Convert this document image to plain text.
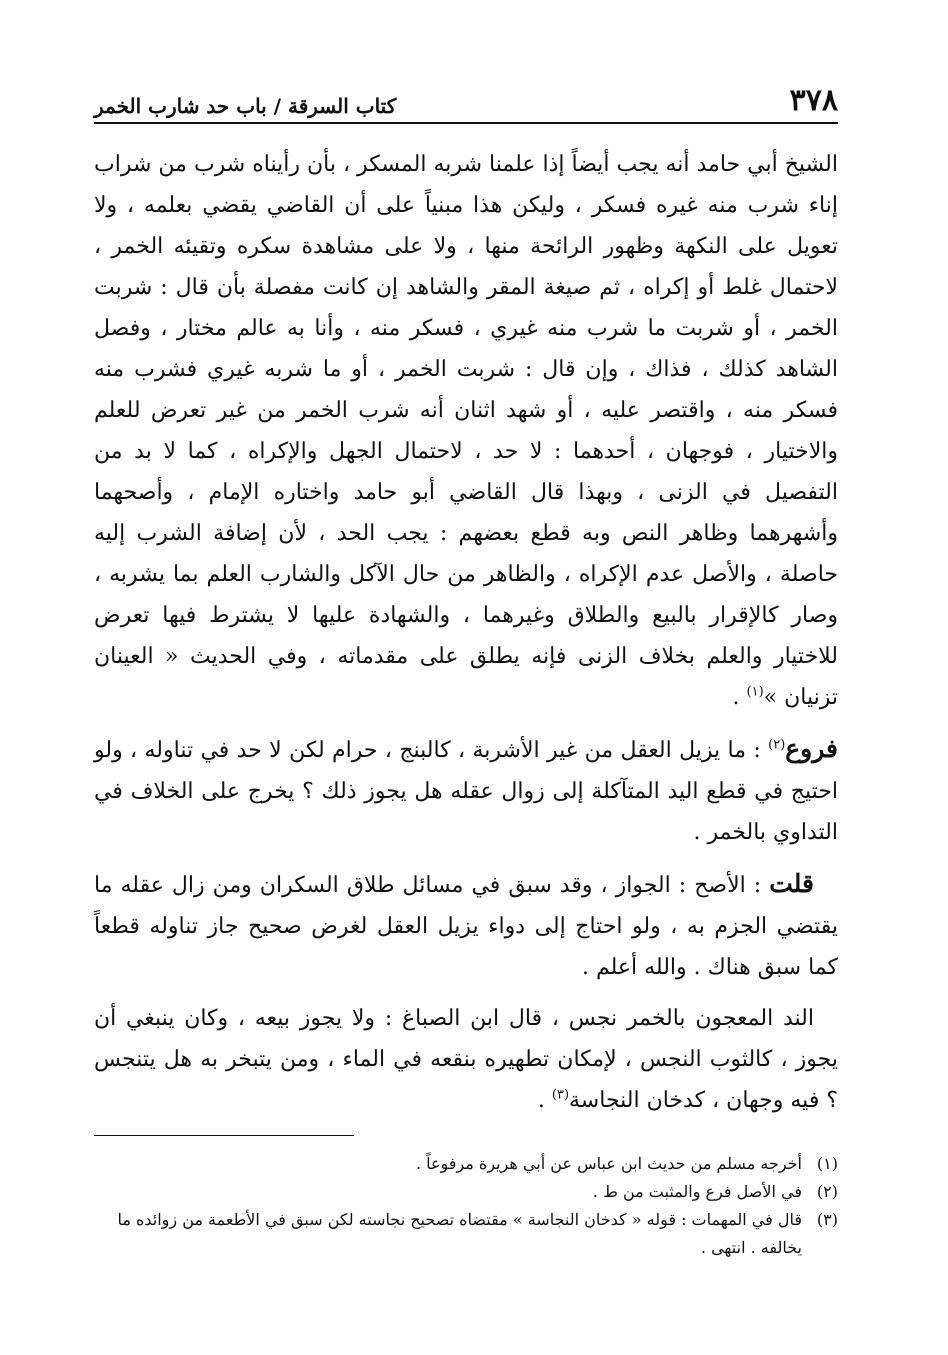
٣٧٨
كتاب السرقة / باب حد شارب الخمر

الشيخ أبي حامد أنه يجب أيضاً إذا علمنا شربه المسكر ، بأن رأيناه شرب من شراب إناء شرب منه غيره فسكر ، وليكن هذا مبنياً على أن القاضي يقضي بعلمه ، ولا تعويل على النكهة وظهور الرائحة منها ، ولا على مشاهدة سكره وتقيئه الخمر ، لاحتمال غلط أو إكراه ، ثم صيغة المقر والشاهد إن كانت مفصلة بأن قال : شربت الخمر ، أو شربت ما شرب منه غيري ، فسكر منه ، وأنا به عالم مختار ، وفصل الشاهد كذلك ، فذاك ، وإن قال : شربت الخمر ، أو ما شربه غيري فشرب منه فسكر منه ، واقتصر عليه ، أو شهد اثنان أنه شرب الخمر من غير تعرض للعلم والاختيار ، فوجهان ، أحدهما : لا حد ، لاحتمال الجهل والإكراه ، كما لا بد من التفصيل في الزنى ، وبهذا قال القاضي أبو حامد واختاره الإمام ، وأصحهما وأشهرهما وظاهر النص وبه قطع بعضهم : يجب الحد ، لأن إضافة الشرب إليه حاصلة ، والأصل عدم الإكراه ، والظاهر من حال الآكل والشارب العلم بما يشربه ، وصار كالإقرار بالبيع والطلاق وغيرهما ، والشهادة عليها لا يشترط فيها تعرض للاختيار والعلم بخلاف الزنى فإنه يطلق على مقدماته ، وفي الحديث « العينان تزنيان »$^{(١)}$ .

فروع$^{(٢)}$ : ما يزيل العقل من غير الأشربة ، كالبنج ، حرام لكن لا حد في تناوله ، ولو احتيج في قطع اليد المتآكلة إلى زوال عقله هل يجوز ذلك ؟ يخرج على الخلاف في التداوي بالخمر .

قلت : الأصح : الجواز ، وقد سبق في مسائل طلاق السكران ومن زال عقله ما يقتضي الجزم به ، ولو احتاج إلى دواء يزيل العقل لغرض صحيح جاز تناوله قطعاً كما سبق هناك . والله أعلم .

الند المعجون بالخمر نجس ، قال ابن الصباغ : ولا يجوز بيعه ، وكان ينبغي أن يجوز ، كالثوب النجس ، لإمكان تطهيره بنقعه في الماء ، ومن يتبخر به هل يتنجس ؟ فيه وجهان ، كدخان النجاسة$^{(٣)}$ .

(١)
أخرجه مسلم من حديث ابن عباس عن أبي هريرة مرفوعاً .
(٢)
في الأصل فرع والمثبت من ط .
(٣)
قال في المهمات : قوله « كدخان النجاسة » مقتضاه تصحيح نجاسته لكن سبق في الأطعمة من زوائده ما يخالفه . انتهى .
